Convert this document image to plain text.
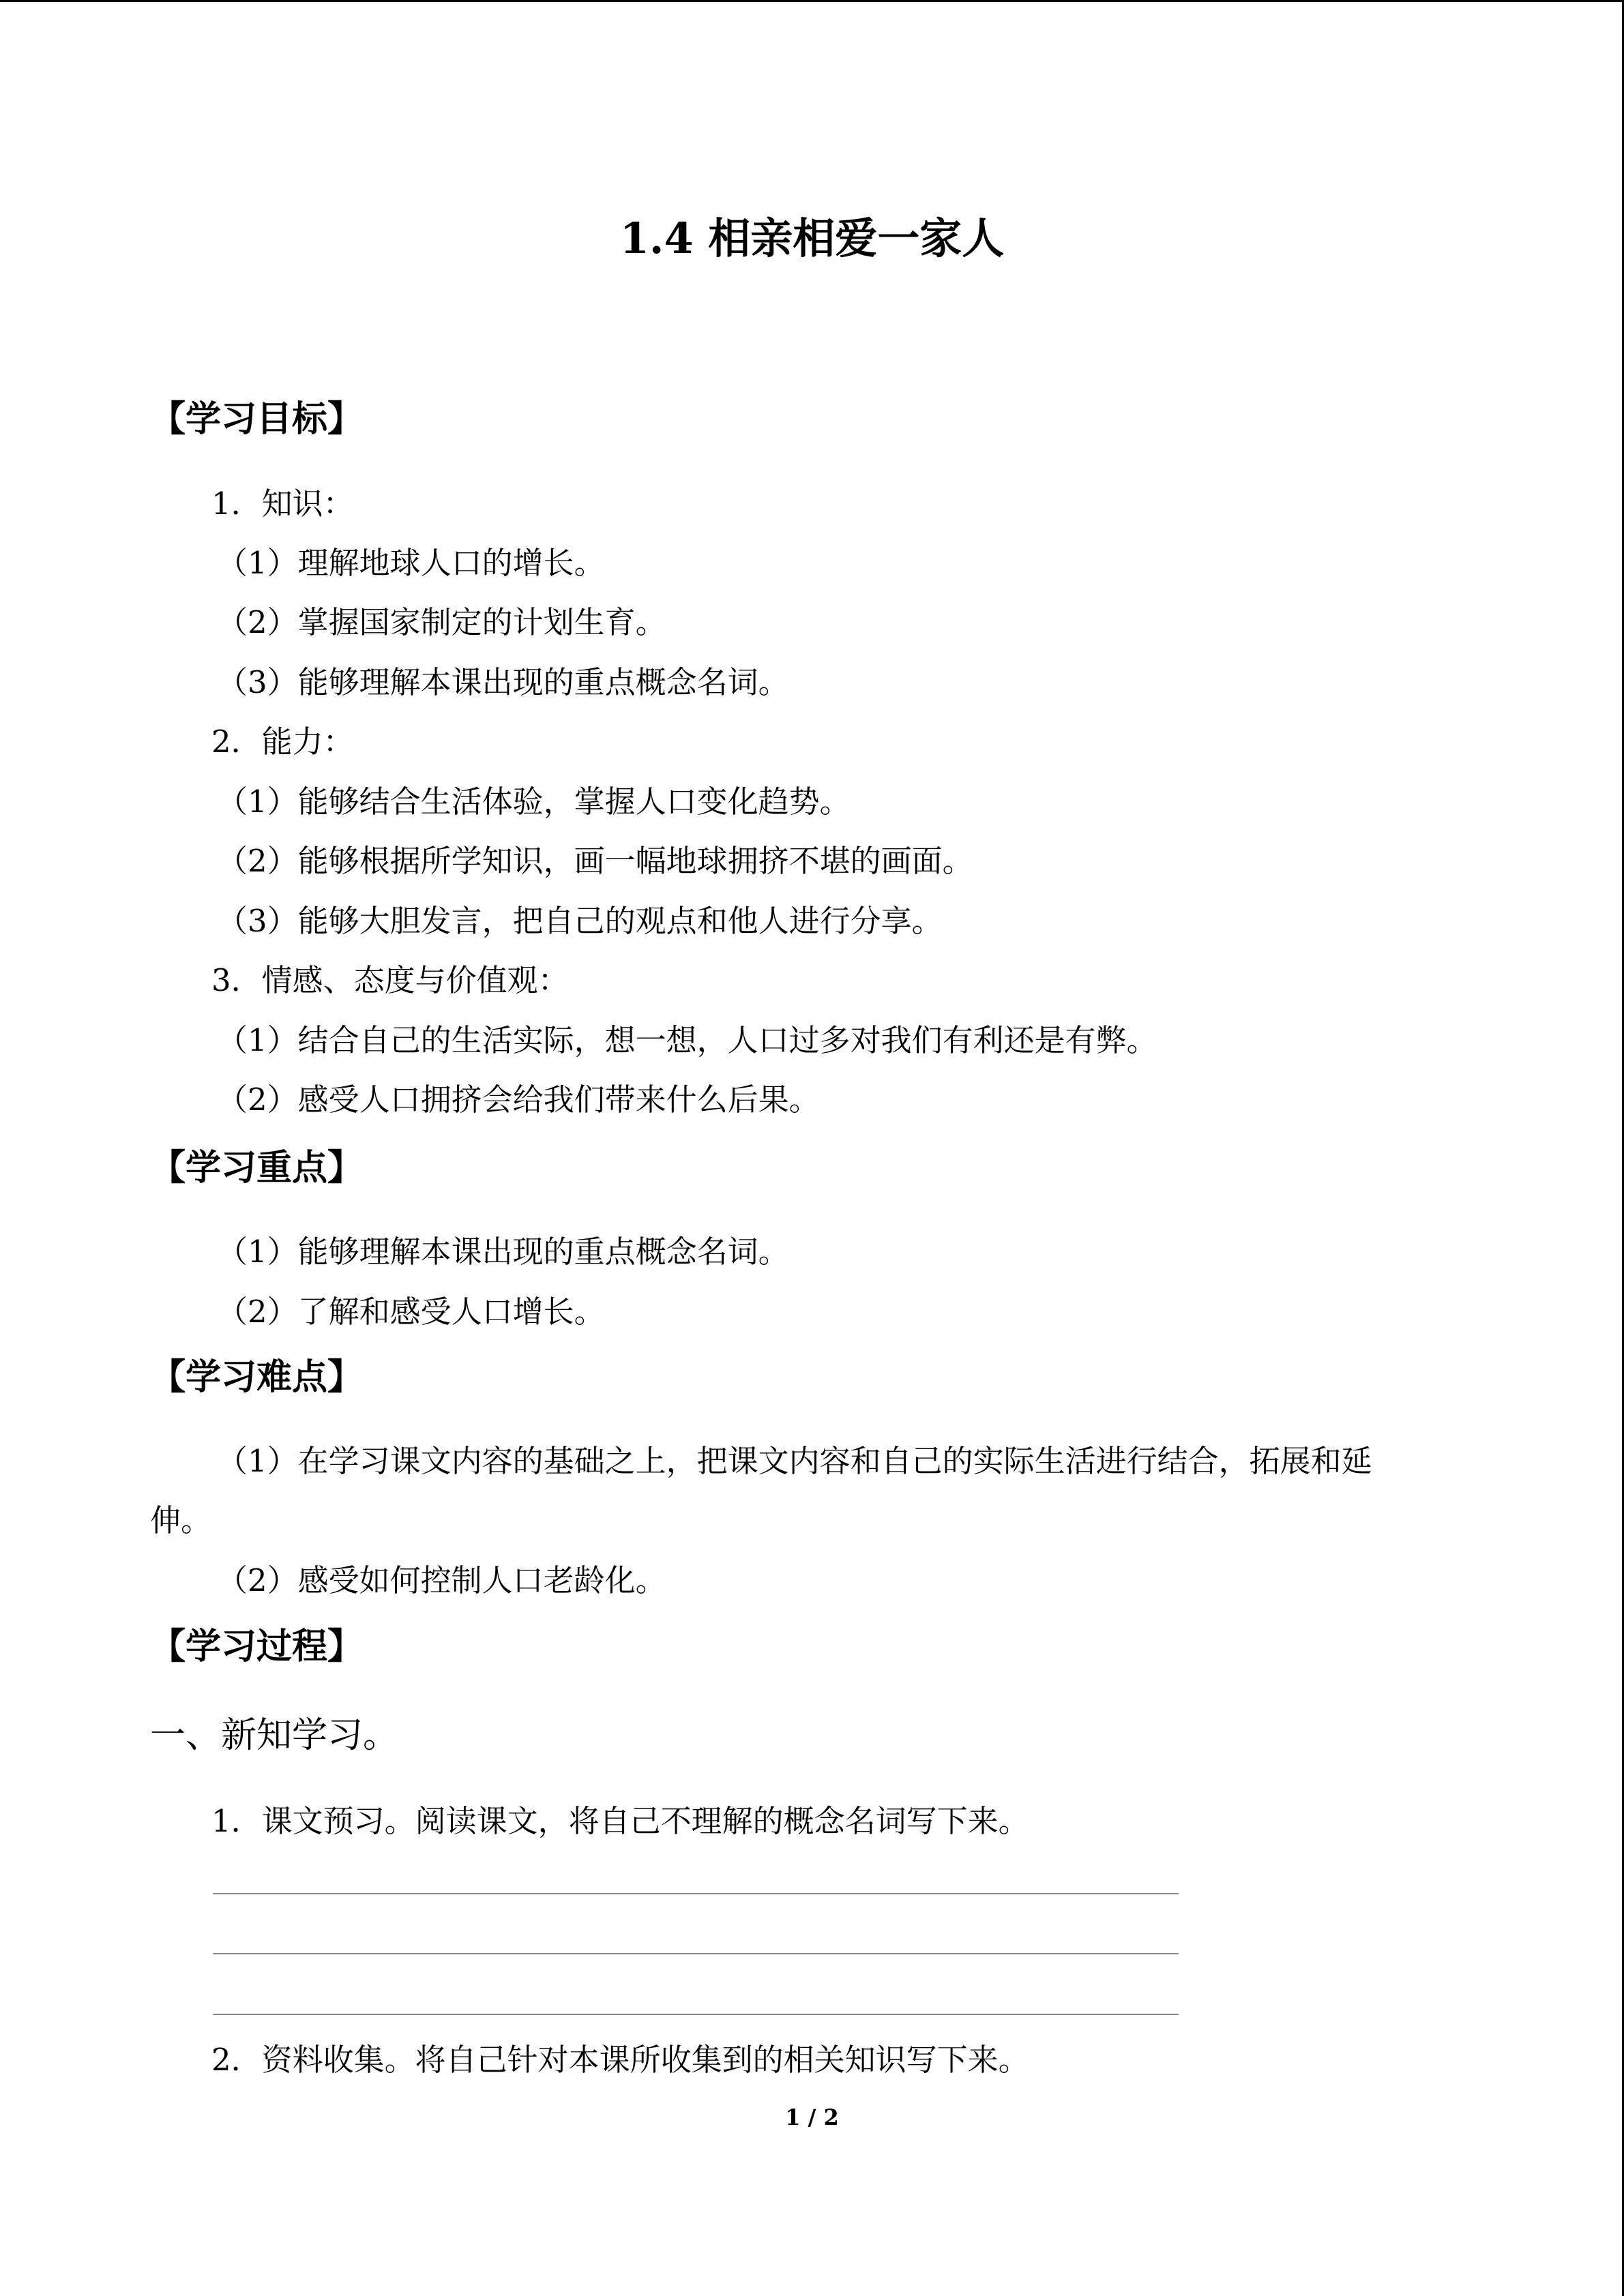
1.4 相亲相爱一家人
【学习目标】
1．知识：
（1）理解地球人口的增长。
（2）掌握国家制定的计划生育。
（3）能够理解本课出现的重点概念名词。
2．能力：
（1）能够结合生活体验，掌握人口变化趋势。
（2）能够根据所学知识，画一幅地球拥挤不堪的画面。
（3）能够大胆发言，把自己的观点和他人进行分享。
3．情感、态度与价值观：
（1）结合自己的生活实际，想一想，人口过多对我们有利还是有弊。
（2）感受人口拥挤会给我们带来什么后果。
【学习重点】
（1）能够理解本课出现的重点概念名词。
（2）了解和感受人口增长。
【学习难点】
（1）在学习课文内容的基础之上，把课文内容和自己的实际生活进行结合，拓展和延
伸。
（2）感受如何控制人口老龄化。
【学习过程】
一、新知学习。
1．课文预习。阅读课文，将自己不理解的概念名词写下来。
2．资料收集。将自己针对本课所收集到的相关知识写下来。
1 / 2
